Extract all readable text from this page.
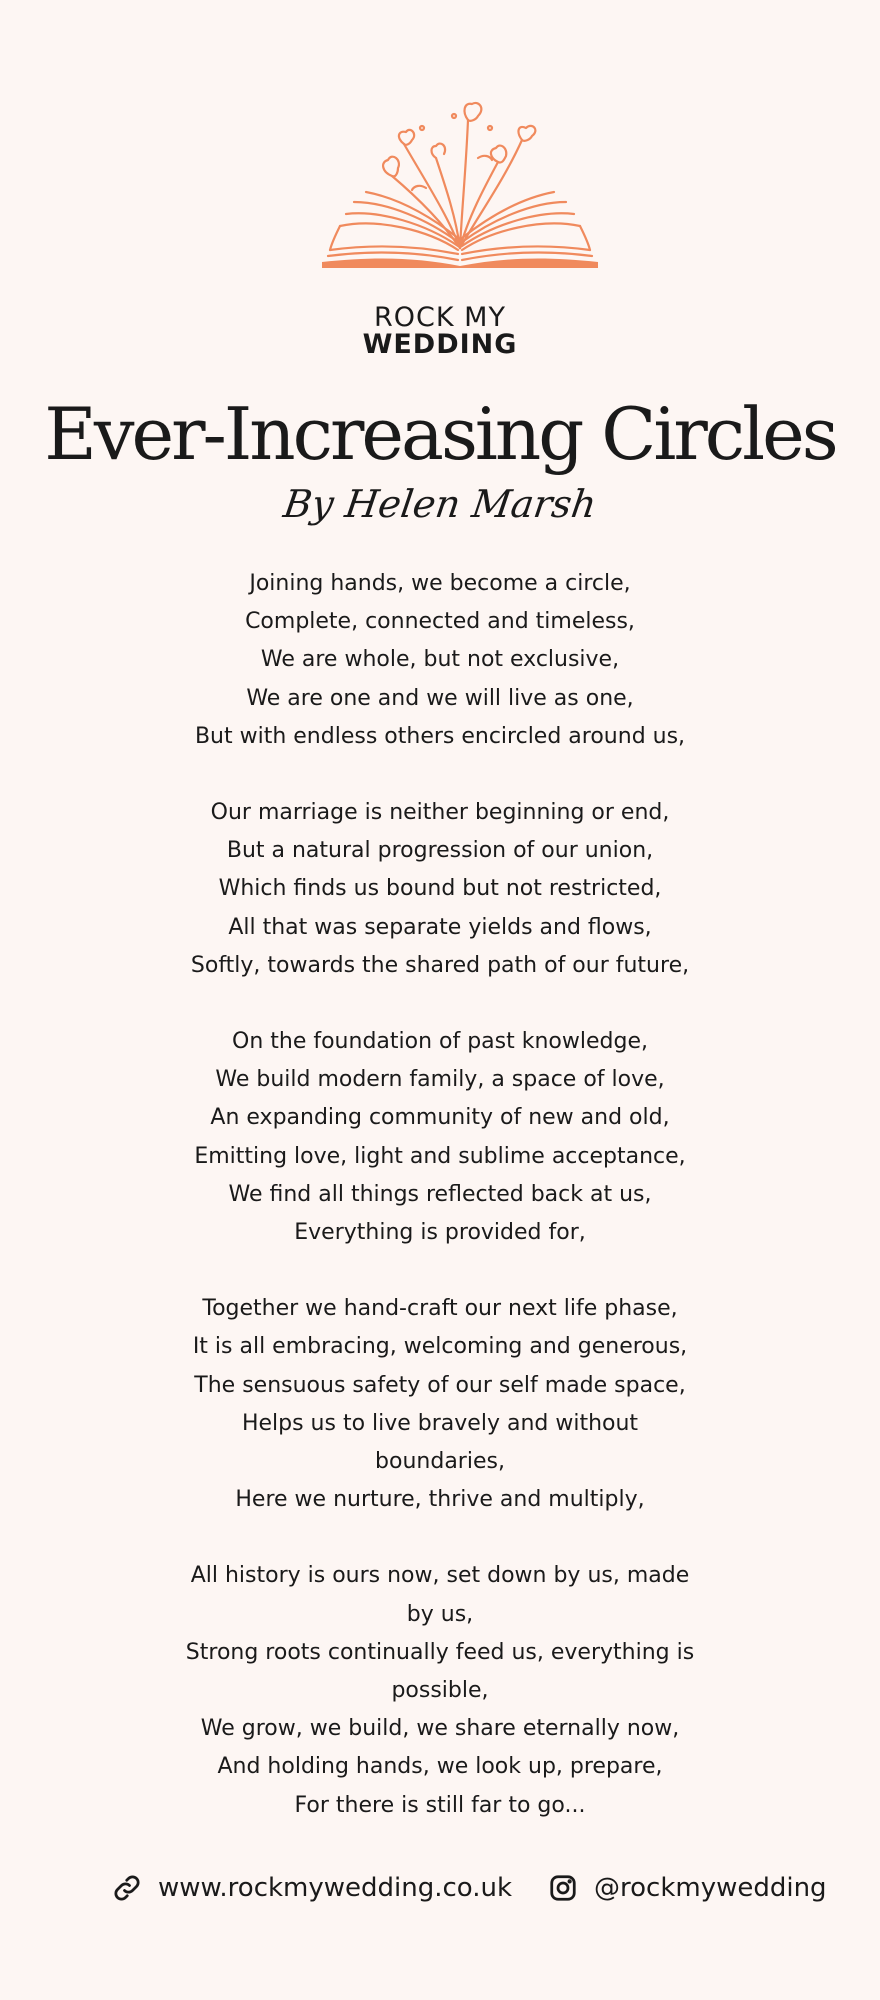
ROCK MY
WEDDING
Ever-Increasing Circles
By Helen Marsh
Joining hands, we become a circle,
Complete, connected and timeless,
We are whole, but not exclusive,
We are one and we will live as one,
But with endless others encircled around us,
Our marriage is neither beginning or end,
But a natural progression of our union,
Which finds us bound but not restricted,
All that was separate yields and flows,
Softly, towards the shared path of our future,
On the foundation of past knowledge,
We build modern family, a space of love,
An expanding community of new and old,
Emitting love, light and sublime acceptance,
We find all things reflected back at us,
Everything is provided for,
Together we hand-craft our next life phase,
It is all embracing, welcoming and generous,
The sensuous safety of our self made space,
Helps us to live bravely and without boundaries,
Here we nurture, thrive and multiply,
All history is ours now, set down by us, made by us,
Strong roots continually feed us, everything is possible,
We grow, we build, we share eternally now,
And holding hands, we look up, prepare,
For there is still far to go...
www.rockmywedding.co.uk	@rockmywedding
